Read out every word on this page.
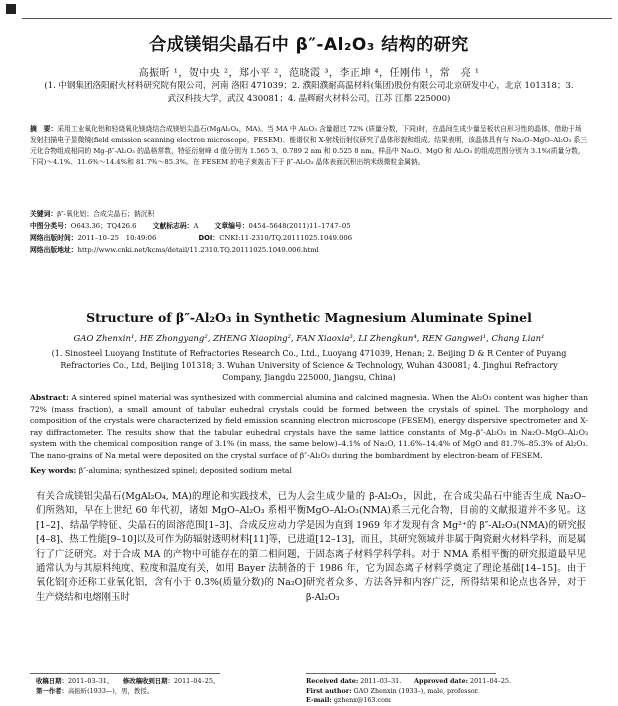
合成镁铝尖晶石中 β″-Al₂O₃ 结构的研究
高振昕 ¹，贺中央 ²，郑小平 ²，范晓霞 ³，李正坤 ⁴，任刚伟 ¹，常　亮 ¹
(1. 中钢集团洛阳耐火材料研究院有限公司，河南 洛阳 471039；2. 濮阳濮耐高温材料(集团)股份有限公司北京研发中心，北京 101318；3. 武汉科技大学，武汉 430081；4. 晶辉耐火材料公司，江苏 江都 225000)
摘　要：采用工业氧化铝和轻烧氧化镁烧结合成镁铝尖晶石(MgAl₂O₄，MA)。当 MA 中 Al₂O₃ 含量超过 72% (质量分数，下同)时，在晶间生成少量呈板状自形习性的晶体，借助于场发射扫描电子显微镜(field emission scanning electron microscope，FESEM)、能谱仪和 X-射线衍射仪研究了晶体形貌和组成。结果表明，该晶体具有与 Na₂O–MgO–Al₂O₃ 系三元化合物组成相同的 Mg–β″-Al₂O₃ 的晶格常数，特征衍射峰 d 值分别为 1.565 3、0.789 2 nm 和 0.525 8 nm。样品中 Na₂O、MgO 和 Al₂O₃ 的组成范围分别为 3.1%(质量分数，下同)～4.1%、11.6%～14.4%和 81.7%～85.3%。在 FESEM 的电子束轰击下于 β″-Al₂O₃ 晶体表面沉积出纳米级微粒金属钠。
关键词：β″-氧化铝；合成尖晶石；钠沉积
中图分类号：O643.36；TQ426.6 文献标志码：A 文章编号：0454–5648(2011)11–1747–05
网络出版时间：2011–10–25　10:49:06	DOI：CNKI:11-2310/TQ.20111025.1049.006
网络出版地址：http://www.cnki.net/kcms/detail/11.2310.TQ.20111025.1049.006.html
Structure of β″-Al₂O₃ in Synthetic Magnesium Aluminate Spinel
GAO Zhenxin¹, HE Zhongyang², ZHENG Xiaoping², FAN Xiaoxia³, LI Zhengkun⁴, REN Gangwei¹, Chang Lian¹
(1. Sinosteel Luoyang Institute of Refractories Research Co., Ltd., Luoyang 471039, Henan; 2. Beijing D & R Center of Puyang Refractories Co., Ltd, Beijing 101318; 3. Wuhan University of Science & Technology, Wuhan 430081; 4. Jinghui Refractory Company, Jiangdu 225000, Jiangsu, China)
Abstract: A sintered spinel material was synthesized with commercial alumina and calcined magnesia. When the Al₂O₃ content was higher than 72% (mass fraction), a small amount of tabular euhedral crystals could be formed between the crystals of spinel. The morphology and composition of the crystals were characterized by field emission scanning electron microscope (FESEM), energy dispersive spectrometer and X-ray diffractometer. The results show that the tabular euhedral crystals have the same lattice constants of Mg–β″-Al₂O₃ in Na₂O–MgO–Al₂O₃ system with the chemical composition range of 3.1% (in mass, the same below)–4.1% of Na₂O, 11.6%–14.4% of MgO and 81.7%–85.3% of Al₂O₃. The nano-grains of Na metal were deposited on the crystal surface of β″-Al₂O₃ during the bombardment by electron-beam of FESEM.
Key words: β″-alumina; synthesized spinel; deposited sodium metal
有关合成镁铝尖晶石(MgAl₂O₄, MA)的理论和实践技术，已为人们所熟知，早在上世纪 60 年代初，诸如 MgO–Al₂O₃ 系相平衡[1–2]、结晶学特征、尖晶石的固溶范围[1–3]、合成反应动力学[4–8]、热工性能[9–10]以及可作为防辐射透明材料[11]等，已进行了广泛研究。对于合成 MA 的产物中可能存在的第二相问题，通常认为与其原料纯度、粒度和温度有关，如用 Bayer 法制备的氧化铝[亦还称工业氧化铝，含有小于 0.3%(质量分数)的 Na₂O]生产烧结和电熔刚玉时
会生成少量的 β-Al₂O₃，因此，在合成尖晶石中能否生成 Na₂O–MgO–Al₂O₃(NMA)系三元化合物，目前的文献报道并不多见。这是因为直到 1969 年才发现有含 Mg²⁺的 β″-Al₂O₃(NMA)的研究报道[12–13]，而且，其研究领域并非属于陶瓷耐火材料学科，而是属于固态离子材料学科学科。对于 NMA 系相平衡的研究报道最早见于 1986 年，它为固态离子材料学奠定了理论基础[14–15]。由于研究者众多、方法各异和内容广泛，所得结果和论点也各异，对于 β-Al₂O₃
收稿日期：2011–03–31。　　 修改稿收到日期：2011–04–25。
第一作者：高振昕(1933—)，男，教授。
Received date: 2011–03–31.　　 Approved date: 2011–04–25.
First author: GAO Zhenxin (1933–), male, professor.
E-mail: gzhenx@163.com
